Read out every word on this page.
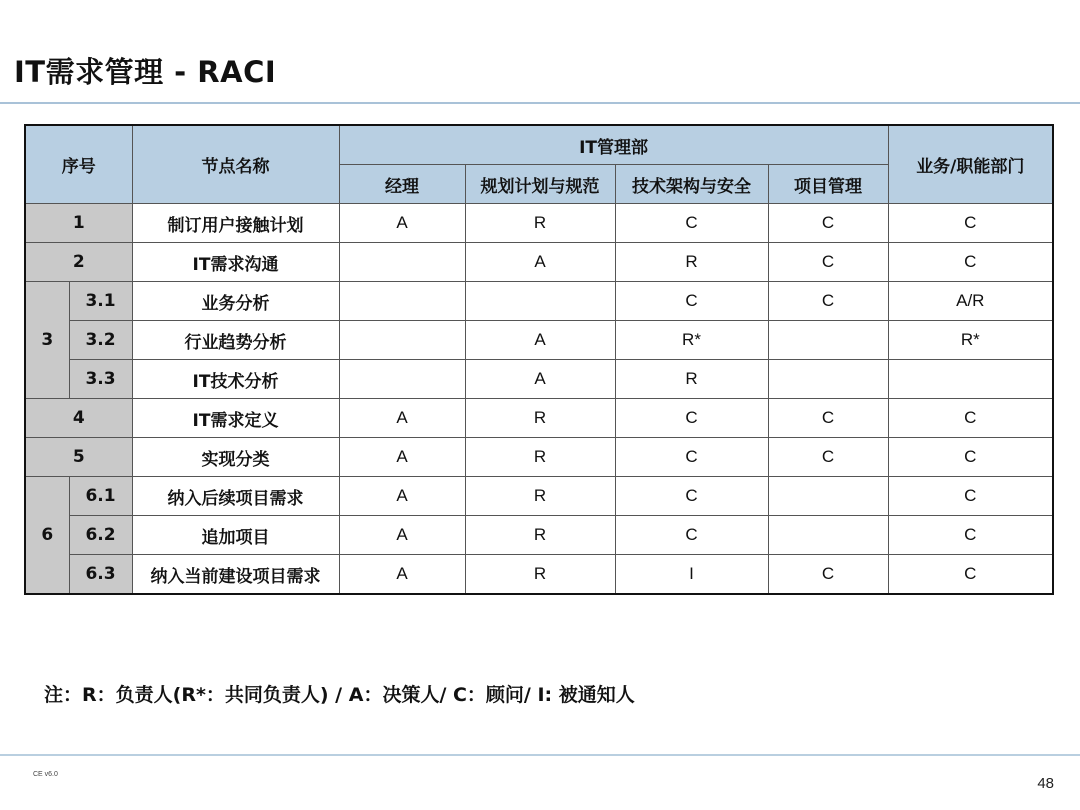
IT需求管理 - RACI
序号		节点名称	IT管理部				业务/职能部门
			经理	规划计划与规范	技术架构与安全	项目管理	
1		制订用户接触计划	A	R	C	C	C
2		IT需求沟通		A	R	C	C
3	3.1	业务分析			C	C	A/R
	3.2	行业趋势分析		A	R*		R*
	3.3	IT技术分析		A	R		
4		IT需求定义	A	R	C	C	C
5		实现分类	A	R	C	C	C
6	6.1	纳入后续项目需求	A	R	C		C
	6.2	追加项目	A	R	C		C
	6.3	纳入当前建设项目需求	A	R	I	C	C
注：R：负责人(R*：共同负责人) / A：决策人/ C：顾问/ I: 被通知人
CE v6.0
48
